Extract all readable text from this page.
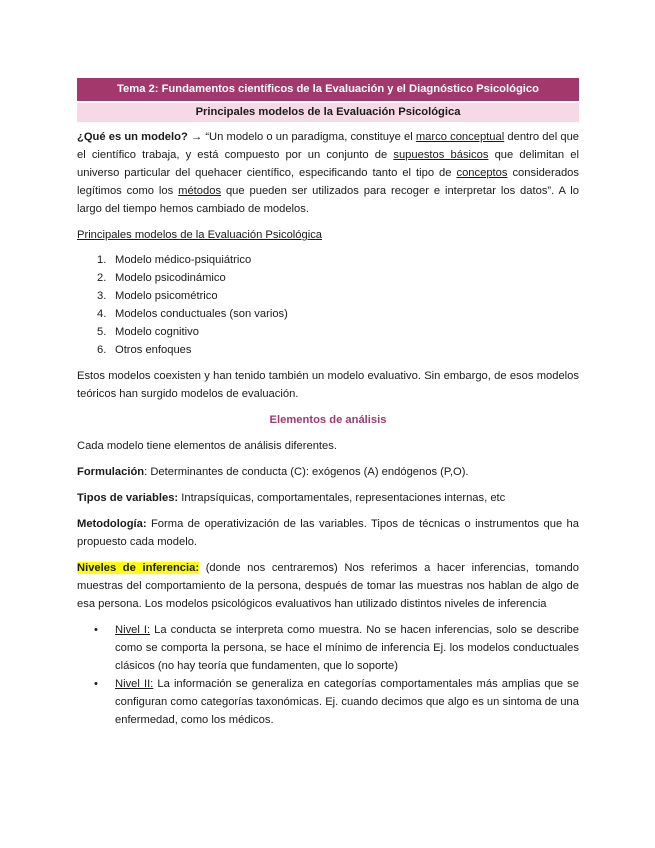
Tema 2: Fundamentos científicos de la Evaluación y el Diagnóstico Psicológico
Principales modelos de la Evaluación Psicológica

¿Qué es un modelo? → “Un modelo o un paradigma, constituye el marco conceptual dentro del que el científico trabaja, y está compuesto por un conjunto de supuestos básicos que delimitan el universo particular del quehacer científico, especificando tanto el tipo de conceptos considerados legítimos como los métodos que pueden ser utilizados para recoger e interpretar los datos”. A lo largo del tiempo hemos cambiado de modelos.

Principales modelos de la Evaluación Psicológica

1. Modelo médico-psiquiátrico
2. Modelo psicodinámico
3. Modelo psicométrico
4. Modelos conductuales (son varios)
5. Modelo cognitivo
6. Otros enfoques

Estos modelos coexisten y han tenido también un modelo evaluativo. Sin embargo, de esos modelos teóricos han surgido modelos de evaluación.

Elementos de análisis

Cada modelo tiene elementos de análisis diferentes.

Formulación: Determinantes de conducta (C): exógenos (A) endógenos (P,O).

Tipos de variables: Intrapsíquicas, comportamentales, representaciones internas, etc

Metodología: Forma de operativización de las variables. Tipos de técnicas o instrumentos que ha propuesto cada modelo.

Niveles de inferencia: (donde nos centraremos) Nos referimos a hacer inferencias, tomando muestras del comportamiento de la persona, después de tomar las muestras nos hablan de algo de esa persona. Los modelos psicológicos evaluativos han utilizado distintos niveles de inferencia

• Nivel I: La conducta se interpreta como muestra. No se hacen inferencias, solo se describe como se comporta la persona, se hace el mínimo de inferencia Ej. los modelos conductuales clásicos (no hay teoría que fundamenten, que lo soporte)
• Nivel II: La información se generaliza en categorías comportamentales más amplias que se configuran como categorías taxonómicas. Ej. cuando decimos que algo es un sintoma de una enfermedad, como los médicos.
